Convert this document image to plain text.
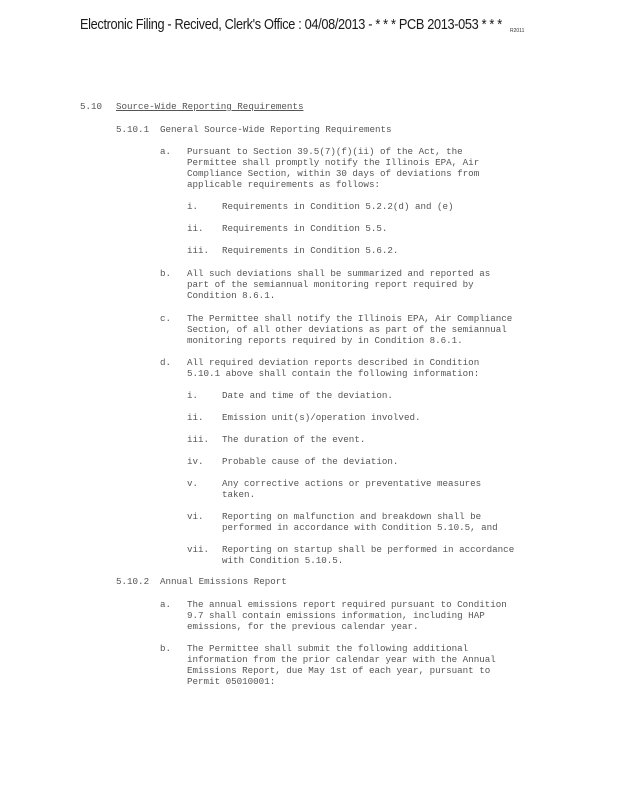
Electronic Filing - Recived, Clerk's Office : 04/08/2013 - * * * PCB 2013-053 * * * R2011
5.10 Source-Wide Reporting Requirements
5.10.1 General Source-Wide Reporting Requirements
a. Pursuant to Section 39.5(7)(f)(ii) of the Act, the
Permittee shall promptly notify the Illinois EPA, Air
Compliance Section, within 30 days of deviations from
applicable requirements as follows:
i.	Requirements in Condition 5.2.2(d) and (e)
ii. Requirements in Condition 5.5.
iii. Requirements in Condition 5.6.2.
b. All such deviations shall be summarized and reported as
part of the semiannual monitoring report required by
Condition 8.6.1.
c. The Permittee shall notify the Illinois EPA, Air Compliance
Section, of all other deviations as part of the semiannual
monitoring reports required by in Condition 8.6.1.
d. All required deviation reports described in Condition
5.10.1 above shall contain the following information:
i.	Date and time of the deviation.
ii. Emission unit(s)/operation involved.
iii. The duration of the event.
iv. Probable cause of the deviation.
v.	Any corrective actions or preventative measures
taken.
vi. Reporting on malfunction and breakdown shall be
performed in accordance with Condition 5.10.5, and
vii. Reporting on startup shall be performed in accordance
with Condition 5.10.5.
5.10.2 Annual Emissions Report
a. The annual emissions report required pursuant to Condition
9.7 shall contain emissions information, including HAP
emissions, for the previous calendar year.
b. The Permittee shall submit the following additional
information from the prior calendar year with the Annual
Emissions Report, due May 1st of each year, pursuant to
Permit 05010001:
